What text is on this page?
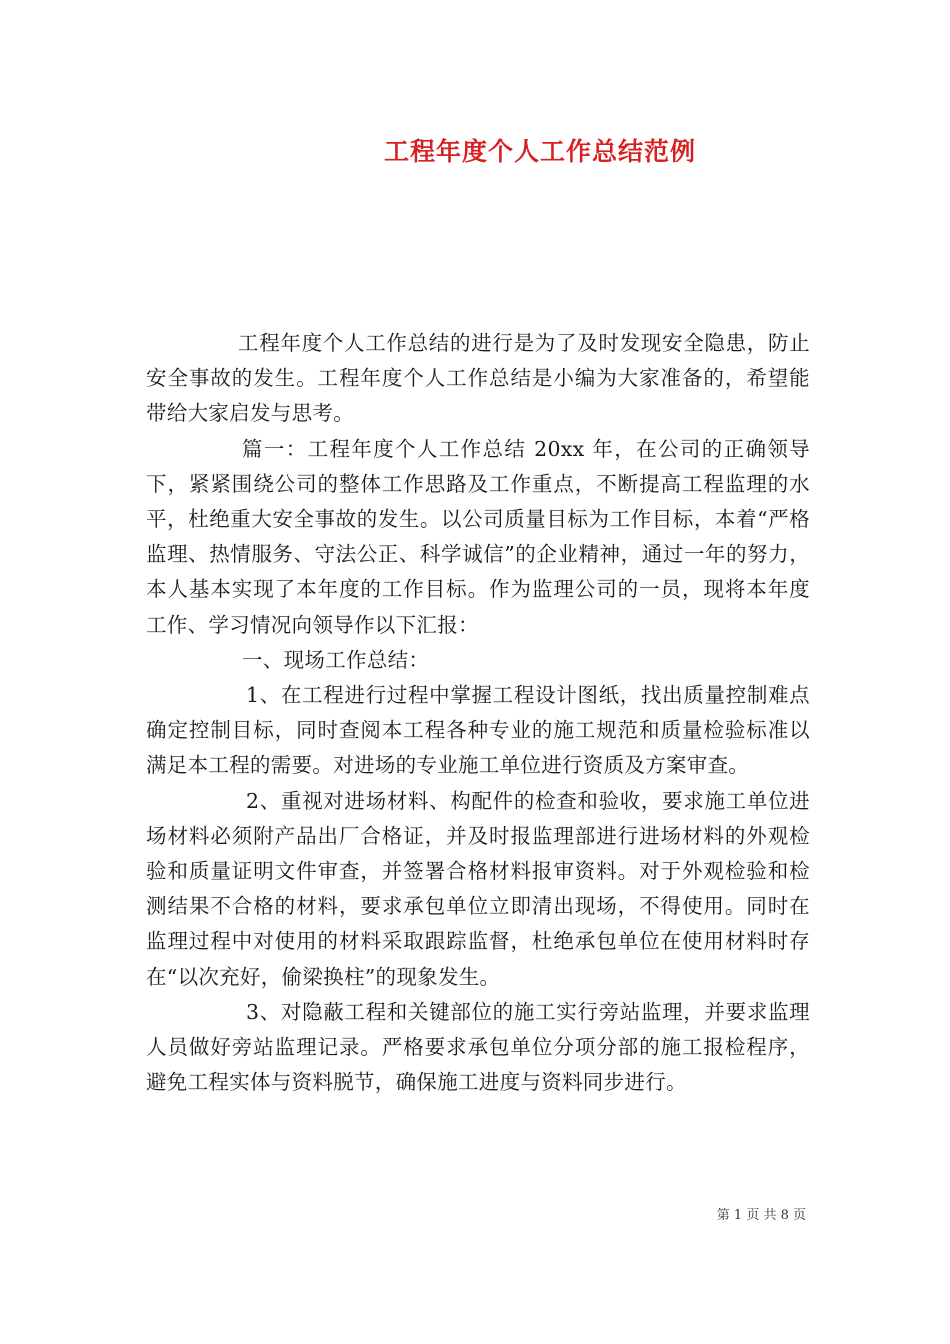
工程年度个人工作总结范例

工程年度个人工作总结的进行是为了及时发现安全隐患，防止安全事故的发生。工程年度个人工作总结是小编为大家准备的，希望能带给大家启发与思考。

篇一：工程年度个人工作总结 20xx 年，在公司的正确领导下，紧紧围绕公司的整体工作思路及工作重点，不断提高工程监理的水平，杜绝重大安全事故的发生。以公司质量目标为工作目标，本着“严格监理、热情服务、守法公正、科学诚信”的企业精神，通过一年的努力，本人基本实现了本年度的工作目标。作为监理公司的一员，现将本年度工作、学习情况向领导作以下汇报：

一、现场工作总结：

1、在工程进行过程中掌握工程设计图纸，找出质量控制难点确定控制目标，同时查阅本工程各种专业的施工规范和质量检验标准以满足本工程的需要。对进场的专业施工单位进行资质及方案审查。

2、重视对进场材料、构配件的检查和验收，要求施工单位进场材料必须附产品出厂合格证，并及时报监理部进行进场材料的外观检验和质量证明文件审查，并签署合格材料报审资料。对于外观检验和检测结果不合格的材料，要求承包单位立即清出现场，不得使用。同时在监理过程中对使用的材料采取跟踪监督，杜绝承包单位在使用材料时存在“以次充好，偷梁换柱”的现象发生。

3、对隐蔽工程和关键部位的施工实行旁站监理，并要求监理人员做好旁站监理记录。严格要求承包单位分项分部的施工报检程序，避免工程实体与资料脱节，确保施工进度与资料同步进行。

第 1 页 共 8 页
